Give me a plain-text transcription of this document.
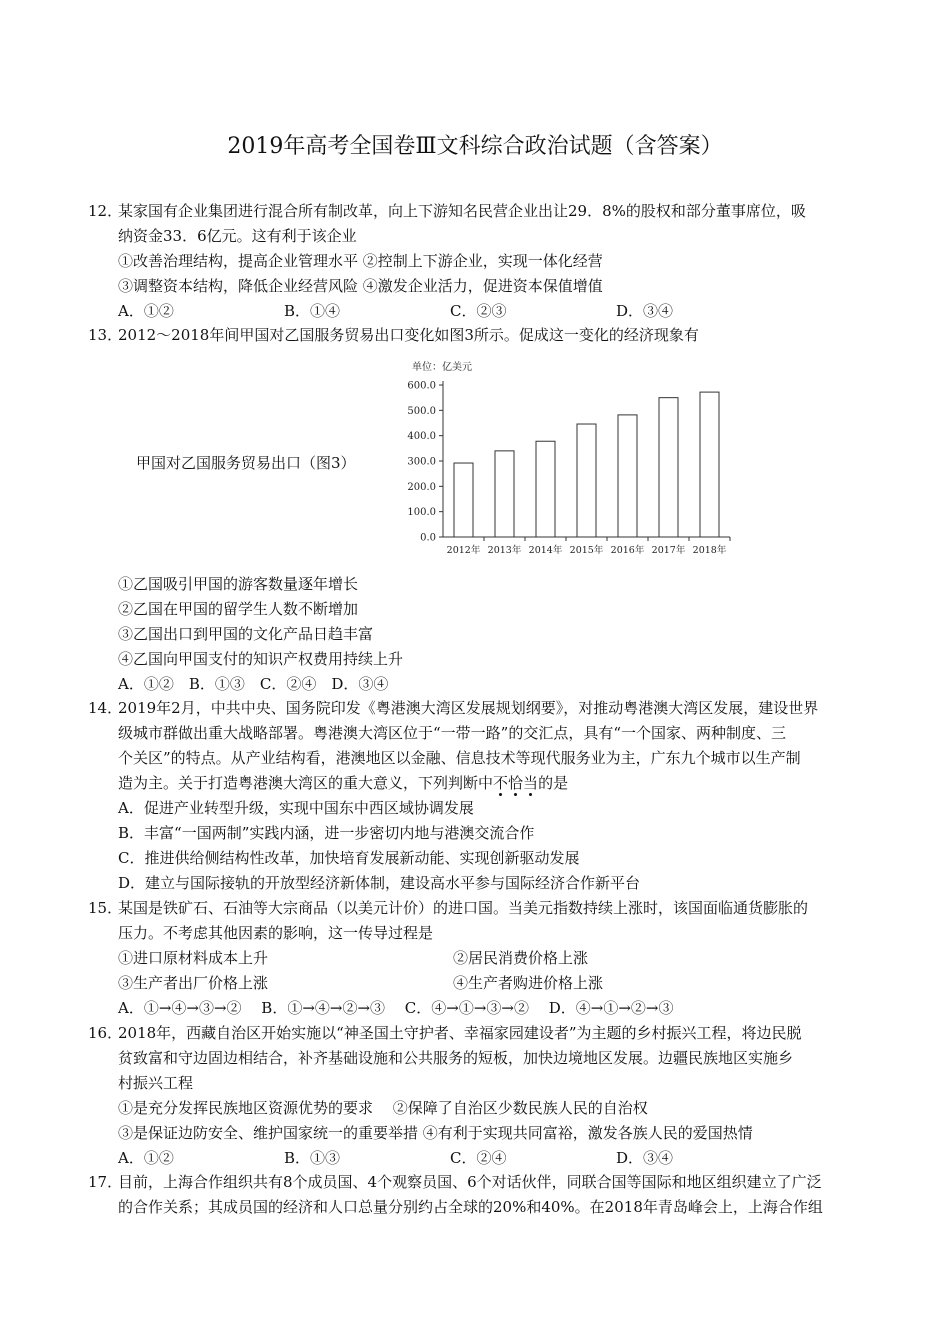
2019年高考全国卷Ⅲ文科综合政治试题（含答案）
12．某家国有企业集团进行混合所有制改革，向上下游知名民营企业出让29．8%的股权和部分董事席位，吸
纳资金33．6亿元。这有利于该企业
①改善治理结构，提高企业管理水平 ②控制上下游企业，实现一体化经营
③调整资本结构，降低企业经营风险 ④激发企业活力，促进资本保值增值
A．①②	B．①④	C．②③	D．③④
13．2012～2018年间甲国对乙国服务贸易出口变化如图3所示。促成这一变化的经济现象有
甲国对乙国服务贸易出口（图3）
单位：亿美元
0.0
100.0
200.0
300.0
400.0
500.0
600.0
2012年 2013年 2014年 2015年 2016年 2017年 2018年
①乙国吸引甲国的游客数量逐年增长
②乙国在甲国的留学生人数不断增加
③乙国出口到甲国的文化产品日趋丰富
④乙国向甲国支付的知识产权费用持续上升
A．①②　B．①③　C．②④　D．③④
14．2019年2月，中共中央、国务院印发《粤港澳大湾区发展规划纲要》，对推动粤港澳大湾区发展，建设世界
级城市群做出重大战略部署。粤港澳大湾区位于“一带一路”的交汇点，具有“一个国家、两种制度、三
个关区”的特点。从产业结构看，港澳地区以金融、信息技术等现代服务业为主，广东九个城市以生产制
造为主。关于打造粤港澳大湾区的重大意义，下列判断中不恰当的是
A．促进产业转型升级，实现中国东中西区域协调发展
B．丰富“一国两制”实践内涵，进一步密切内地与港澳交流合作
C．推进供给侧结构性改革，加快培育发展新动能、实现创新驱动发展
D．建立与国际接轨的开放型经济新体制，建设高水平参与国际经济合作新平台
15．某国是铁矿石、石油等大宗商品（以美元计价）的进口国。当美元指数持续上涨时，该国面临通货膨胀的
压力。不考虑其他因素的影响，这一传导过程是
①进口原材料成本上升	②居民消费价格上涨
③生产者出厂价格上涨	④生产者购进价格上涨
A．①→④→③→②　 B．①→④→②→③　 C．④→①→③→②　 D．④→①→②→③
16．2018年，西藏自治区开始实施以“神圣国土守护者、幸福家园建设者”为主题的乡村振兴工程，将边民脱
贫致富和守边固边相结合，补齐基础设施和公共服务的短板，加快边境地区发展。边疆民族地区实施乡
村振兴工程
①是充分发挥民族地区资源优势的要求　 ②保障了自治区少数民族人民的自治权
③是保证边防安全、维护国家统一的重要举措 ④有利于实现共同富裕，激发各族人民的爱国热情
A．①②	B．①③	C．②④	D．③④
17．目前，上海合作组织共有8个成员国、4个观察员国、6个对话伙伴，同联合国等国际和地区组织建立了广泛
的合作关系；其成员国的经济和人口总量分别约占全球的20%和40%。在2018年青岛峰会上，上海合作组
